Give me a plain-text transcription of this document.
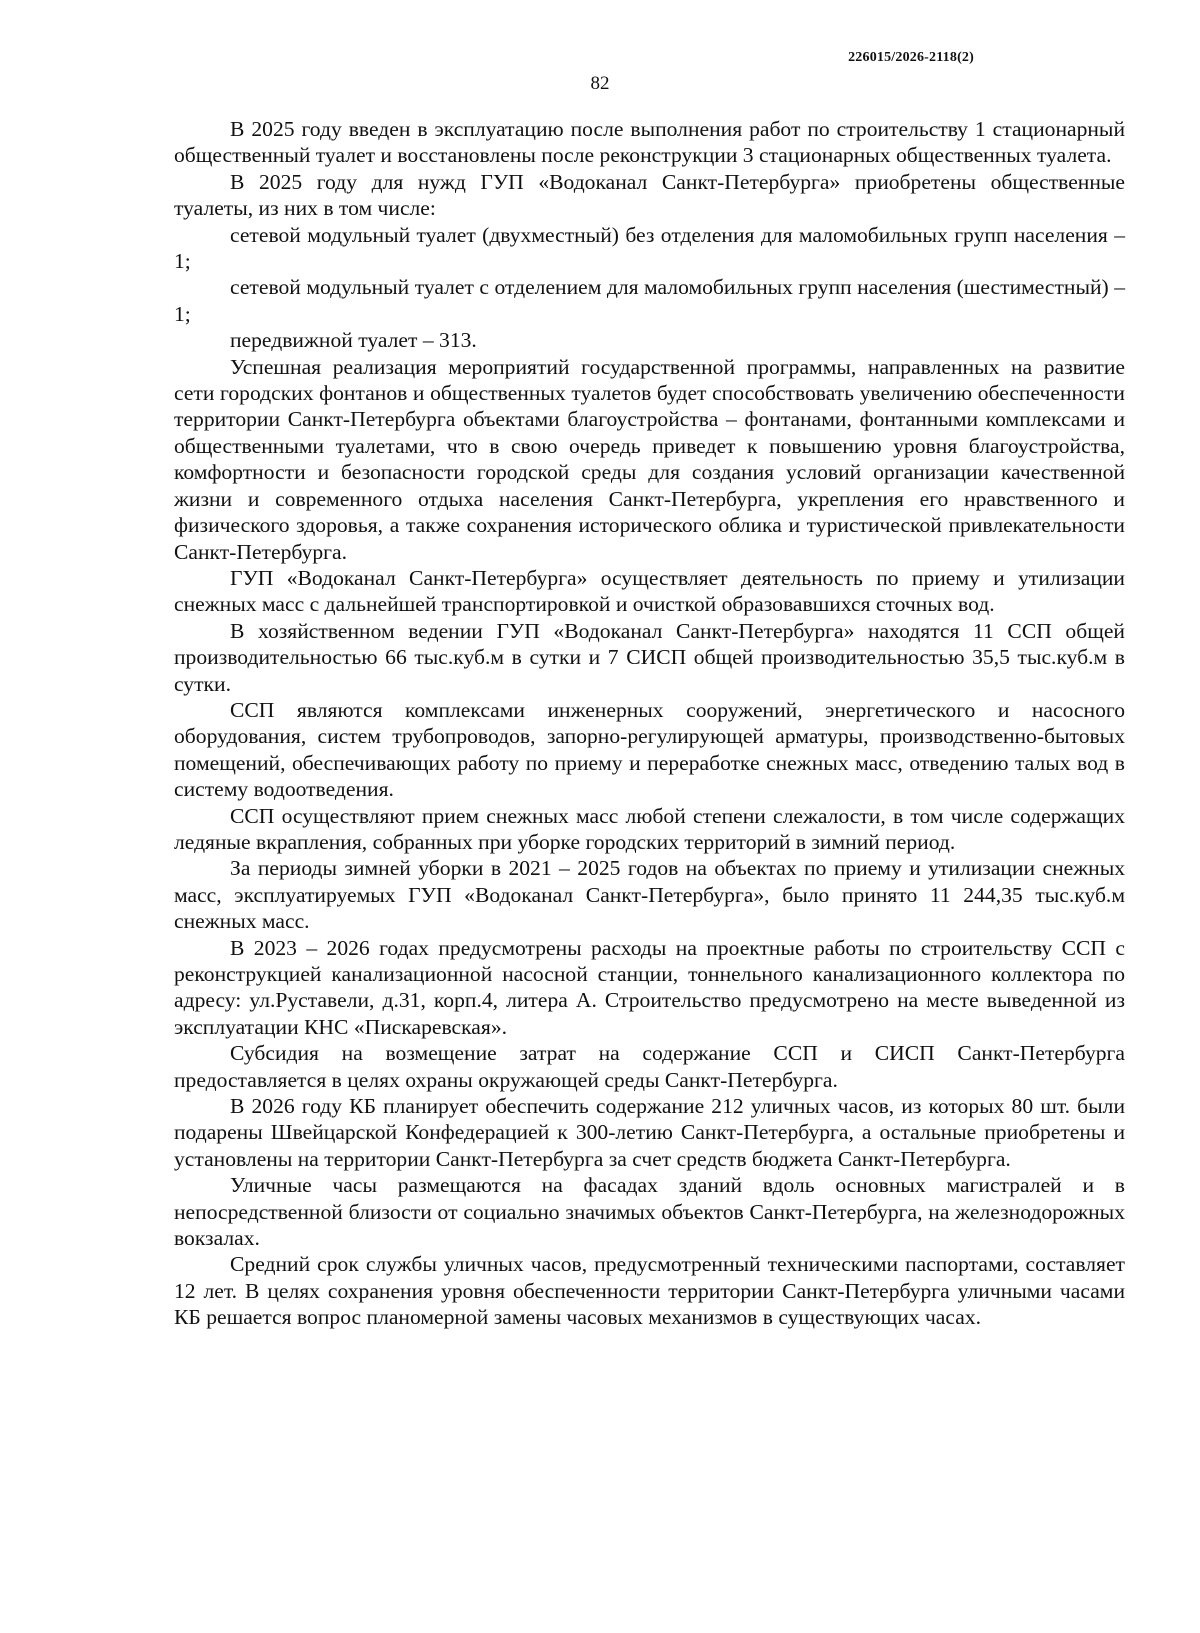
226015/2026-2118(2)
82

В 2025 году введен в эксплуатацию после выполнения работ по строительству 1 стационарный общественный туалет и восстановлены после реконструкции 3 стационарных общественных туалета.

В 2025 году для нужд ГУП «Водоканал Санкт-Петербурга» приобретены общественные туалеты, из них в том числе:

сетевой модульный туалет (двухместный) без отделения для маломобильных групп населения – 1;

сетевой модульный туалет с отделением для маломобильных групп населения (шестиместный) – 1;

передвижной туалет – 313.

Успешная реализация мероприятий государственной программы, направленных на развитие сети городских фонтанов и общественных туалетов будет способствовать увеличению обеспеченности территории Санкт-Петербурга объектами благоустройства – фонтанами, фонтанными комплексами и общественными туалетами, что в свою очередь приведет к повышению уровня благоустройства, комфортности и безопасности городской среды для создания условий организации качественной жизни и современного отдыха населения Санкт-Петербурга, укрепления его нравственного и физического здоровья, а также сохранения исторического облика и туристической привлекательности Санкт-Петербурга.

ГУП «Водоканал Санкт-Петербурга» осуществляет деятельность по приему и утилизации снежных масс с дальнейшей транспортировкой и очисткой образовавшихся сточных вод.

В хозяйственном ведении ГУП «Водоканал Санкт-Петербурга» находятся 11 ССП общей производительностью 66 тыс.куб.м в сутки и 7 СИСП общей производительностью 35,5 тыс.куб.м в сутки.

ССП являются комплексами инженерных сооружений, энергетического и насосного оборудования, систем трубопроводов, запорно-регулирующей арматуры, производственно-бытовых помещений, обеспечивающих работу по приему и переработке снежных масс, отведению талых вод в систему водоотведения.

ССП осуществляют прием снежных масс любой степени слежалости, в том числе содержащих ледяные вкрапления, собранных при уборке городских территорий в зимний период.

За периоды зимней уборки в 2021 – 2025 годов на объектах по приему и утилизации снежных масс, эксплуатируемых ГУП «Водоканал Санкт-Петербурга», было принято 11 244,35 тыс.куб.м снежных масс.

В 2023 – 2026 годах предусмотрены расходы на проектные работы по строительству ССП с реконструкцией канализационной насосной станции, тоннельного канализационного коллектора по адресу: ул.Руставели, д.31, корп.4, литера А. Строительство предусмотрено на месте выведенной из эксплуатации КНС «Пискаревская».

Субсидия на возмещение затрат на содержание ССП и СИСП Санкт-Петербурга предоставляется в целях охраны окружающей среды Санкт-Петербурга.

В 2026 году КБ планирует обеспечить содержание 212 уличных часов, из которых 80 шт. были подарены Швейцарской Конфедерацией к 300-летию Санкт-Петербурга, а остальные приобретены и установлены на территории Санкт-Петербурга за счет средств бюджета Санкт-Петербурга.

Уличные часы размещаются на фасадах зданий вдоль основных магистралей и в непосредственной близости от социально значимых объектов Санкт-Петербурга, на железнодорожных вокзалах.

Средний срок службы уличных часов, предусмотренный техническими паспортами, составляет 12 лет. В целях сохранения уровня обеспеченности территории Санкт-Петербурга уличными часами КБ решается вопрос планомерной замены часовых механизмов в существующих часах.
